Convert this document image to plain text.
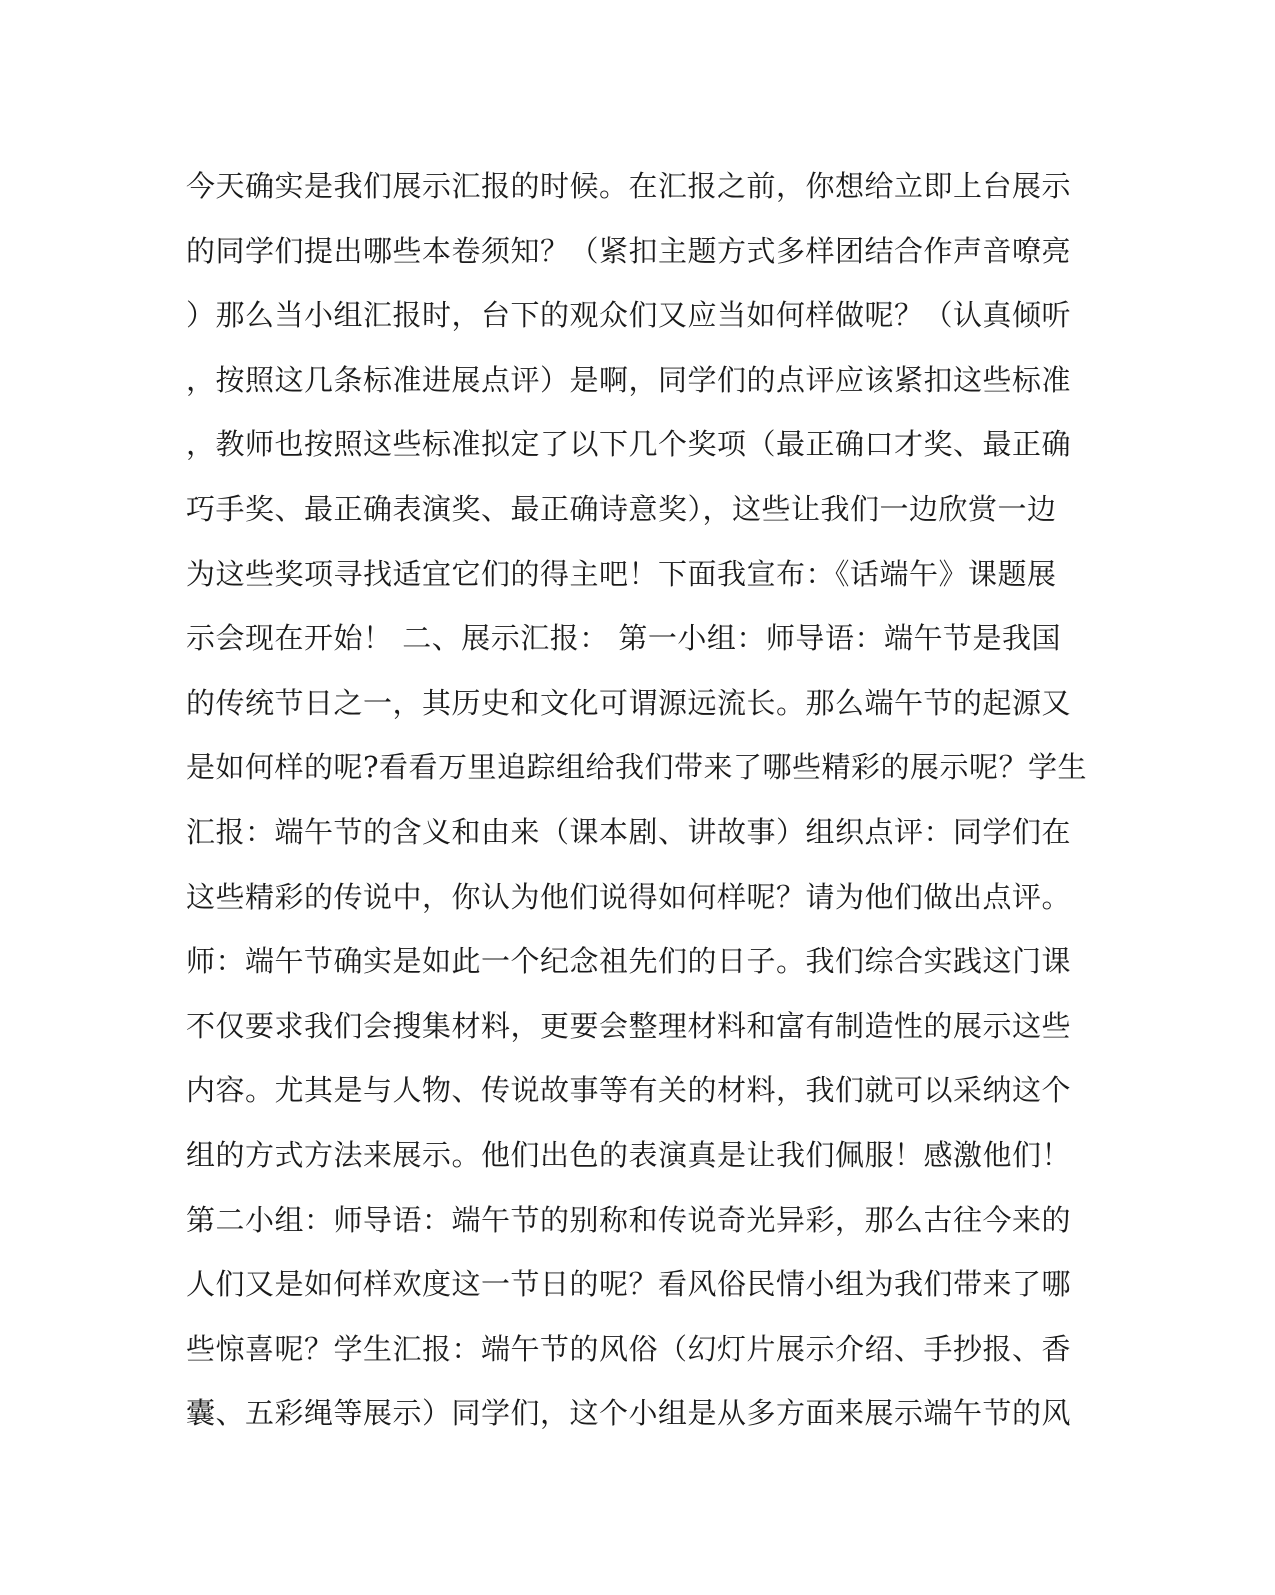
今天确实是我们展示汇报的时候。在汇报之前，你想给立即上台展示
的同学们提出哪些本卷须知？（紧扣主题方式多样团结合作声音嘹亮
）那么当小组汇报时，台下的观众们又应当如何样做呢？（认真倾听
，按照这几条标准进展点评）是啊，同学们的点评应该紧扣这些标准
，教师也按照这些标准拟定了以下几个奖项（最正确口才奖、最正确
巧手奖、最正确表演奖、最正确诗意奖），这些让我们一边欣赏一边
为这些奖项寻找适宜它们的得主吧！下面我宣布：《话端午》课题展
示会现在开始！ 二、展示汇报： 第一小组：师导语：端午节是我国
的传统节日之一，其历史和文化可谓源远流长。那么端午节的起源又
是如何样的呢?看看万里追踪组给我们带来了哪些精彩的展示呢？学生
汇报：端午节的含义和由来（课本剧、讲故事）组织点评：同学们在
这些精彩的传说中，你认为他们说得如何样呢？请为他们做出点评。
师：端午节确实是如此一个纪念祖先们的日子。我们综合实践这门课
不仅要求我们会搜集材料，更要会整理材料和富有制造性的展示这些
内容。尤其是与人物、传说故事等有关的材料，我们就可以采纳这个
组的方式方法来展示。他们出色的表演真是让我们佩服！感激他们！
第二小组：师导语：端午节的别称和传说奇光异彩，那么古往今来的
人们又是如何样欢度这一节日的呢？看风俗民情小组为我们带来了哪
些惊喜呢？学生汇报：端午节的风俗（幻灯片展示介绍、手抄报、香
囊、五彩绳等展示）同学们，这个小组是从多方面来展示端午节的风
